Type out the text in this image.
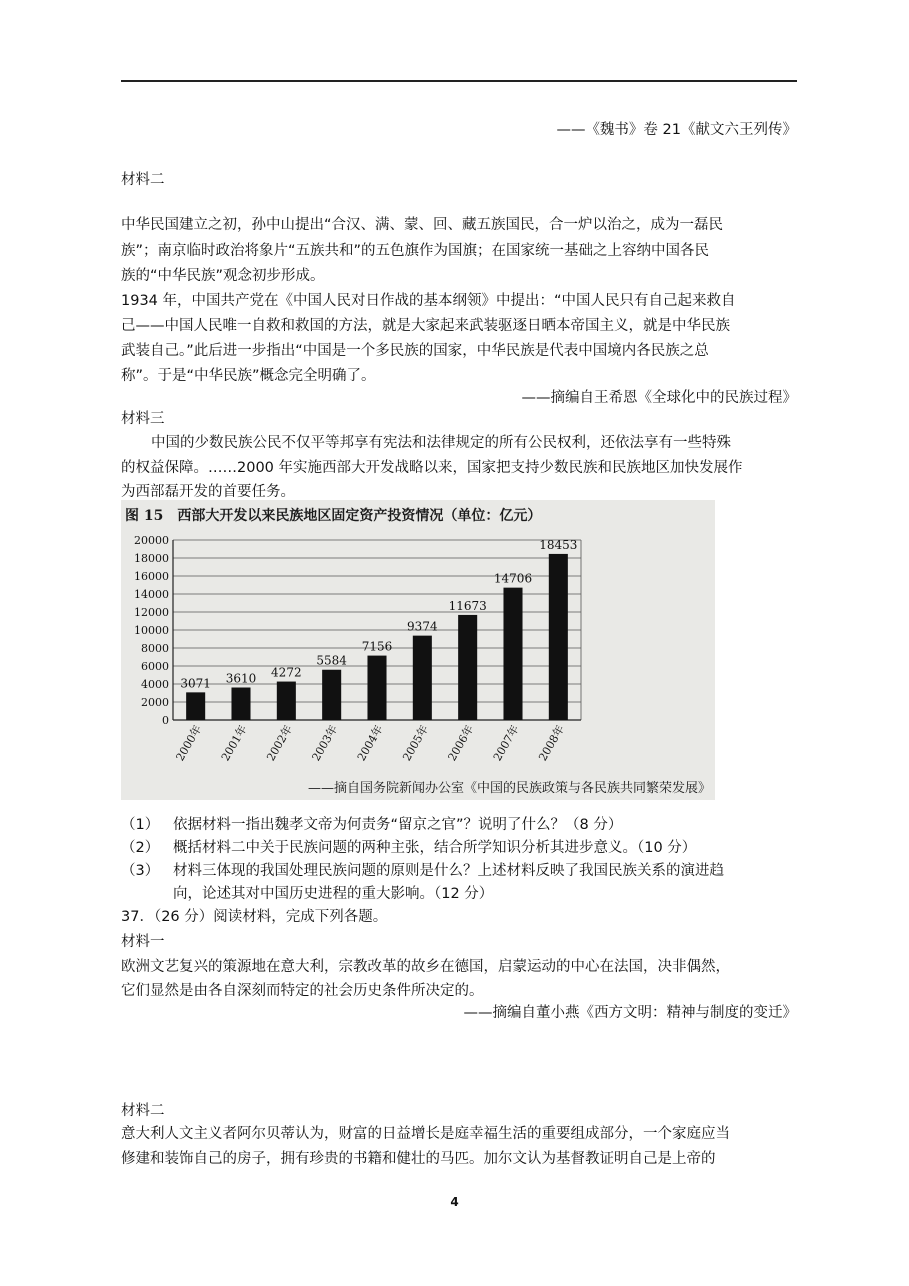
——《魏书》卷 21《献文六王列传》
材料二
中华民国建立之初，孙中山提出“合汉、满、蒙、回、藏五族国民，合一炉以治之，成为一磊民
族”；南京临时政治将象片“五族共和”的五色旗作为国旗；在国家统一基础之上容纳中国各民
族的“中华民族”观念初步形成。
1934 年，中国共产党在《中国人民对日作战的基本纲领》中提出：“中国人民只有自己起来救自
己——中国人民唯一自救和救国的方法，就是大家起来武装驱逐日晒本帝国主义，就是中华民族
武装自己。”此后进一步指出“中国是一个多民族的国家，中华民族是代表中国境内各民族之总
称”。于是“中华民族”概念完全明确了。
——摘编自王希恩《全球化中的民族过程》
材料三
中国的少数民族公民不仅平等邦享有宪法和法律规定的所有公民权利，还依法享有一些特殊
的权益保障。……2000 年实施西部大开发战略以来，国家把支持少数民族和民族地区加快发展作
为西部磊开发的首要任务。
图 15　西部大开发以来民族地区固定资产投资情况（单位：亿元）
0
2000
4000
6000
8000
10000
12000
14000
16000
18000
20000
3071
2000年
3610
2001年
4272
2002年
5584
2003年
7156
2004年
9374
2005年
11673
2006年
14706
2007年
18453
2008年
——摘自国务院新闻办公室《中国的民族政策与各民族共同繁荣发展》
（1） 依据材料一指出魏孝文帝为何责务“留京之官”？说明了什么？（8 分）
（2） 概括材料二中关于民族问题的两种主张，结合所学知识分析其进步意义。（10 分）
（3） 材料三体现的我国处理民族问题的原则是什么？上述材料反映了我国民族关系的演进趋
向，论述其对中国历史进程的重大影响。（12 分）
37．（26 分）阅读材料，完成下列各题。
材料一
欧洲文艺复兴的策源地在意大利，宗教改革的故乡在德国，启蒙运动的中心在法国，决非偶然，
它们显然是由各自深刻而特定的社会历史条件所决定的。
——摘编自董小燕《西方文明：精神与制度的变迁》
材料二
意大利人文主义者阿尔贝蒂认为，财富的日益增长是庭幸福生活的重要组成部分，一个家庭应当
修建和装饰自己的房子，拥有珍贵的书籍和健壮的马匹。加尔文认为基督教证明自己是上帝的
4
